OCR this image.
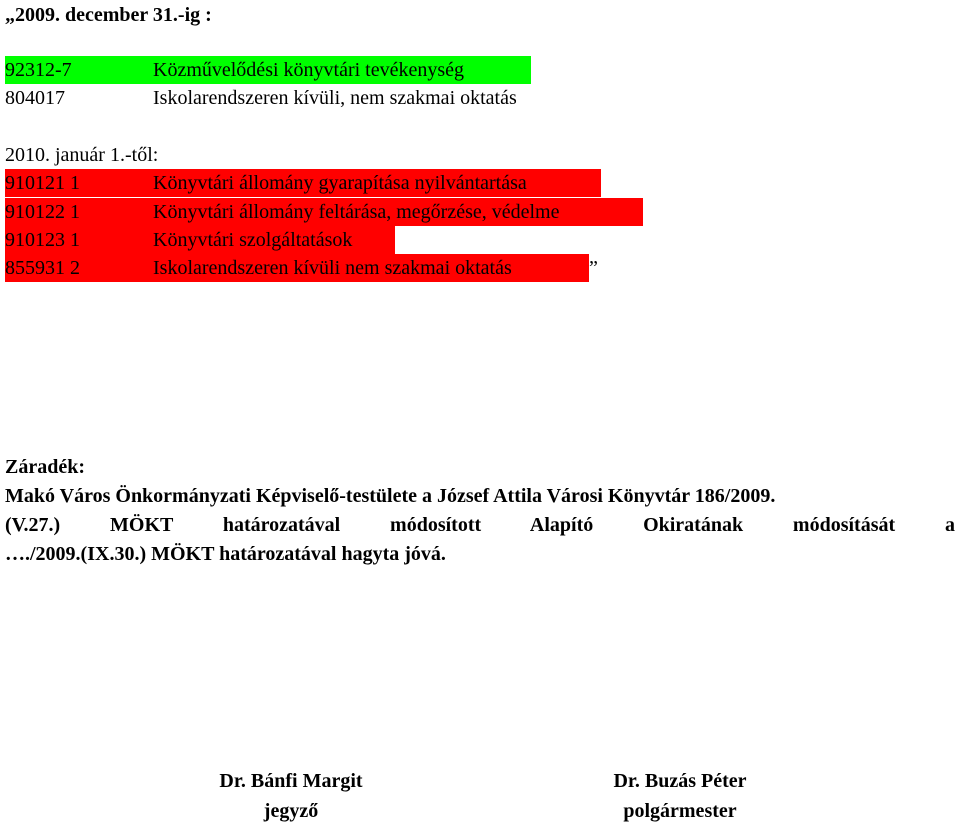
„2009. december 31.-ig :
92312-7	Közművelődési könyvtári tevékenység
804017	Iskolarendszeren kívüli, nem szakmai oktatás
2010. január 1.-től:
910121 1	Könyvtári állomány gyarapítása nyilvántartása
910122 1	Könyvtári állomány feltárása, megőrzése, védelme
910123 1	Könyvtári szolgáltatások
855931 2	Iskolarendszeren kívüli nem szakmai oktatás	”
Záradék:
Makó Város Önkormányzati Képviselő-testülete a József Attila Városi Könyvtár 186/2009.
(V.27.) MÖKT határozatával módosított Alapító Okiratának módosítását a
…./2009.(IX.30.) MÖKT határozatával hagyta jóvá.
Dr. Bánfi Margit
jegyző
Dr. Buzás Péter
polgármester
